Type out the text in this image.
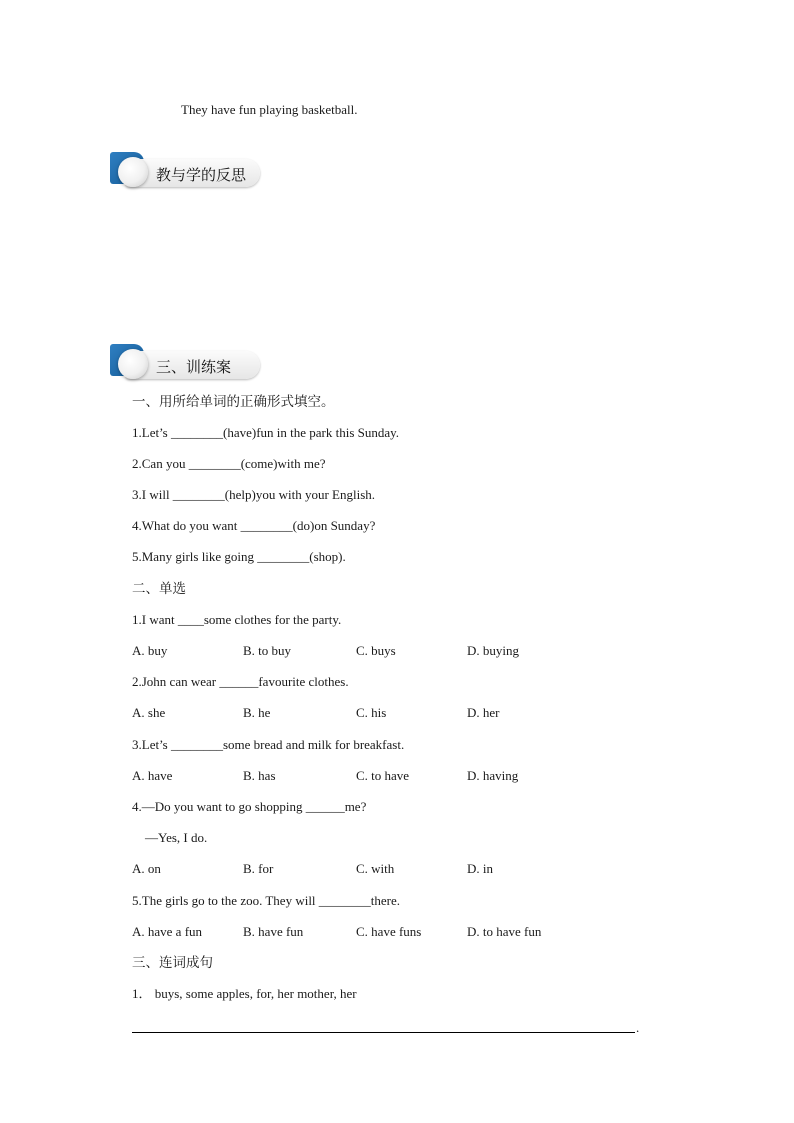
They have fun playing basketball.
教与学的反思
三、训练案
一、用所给单词的正确形式填空。
1.Let’s ________(have)fun in the park this Sunday.
2.Can you ________(come)with me?
3.I will ________(help)you with your English.
4.What do you want ________(do)on Sunday?
5.Many girls like going ________(shop).
二、单选
1.I want ____some clothes for the party.
A. buy	B. to buy	C. buys	D. buying
2.John can wear ______favourite clothes.
A. she	B. he	C. his	D. her
3.Let’s ________some bread and milk for breakfast.
A. have	B. has	C. to have	D. having
4.—Do you want to go shopping ______me?
—Yes, I do.
A. on	B. for	C. with	D. in
5.The girls go to the zoo. They will ________there.
A. have a fun	B. have fun	C. have funs	D. to have fun
三、连词成句
1． buys, some apples, for, her mother, her
.
